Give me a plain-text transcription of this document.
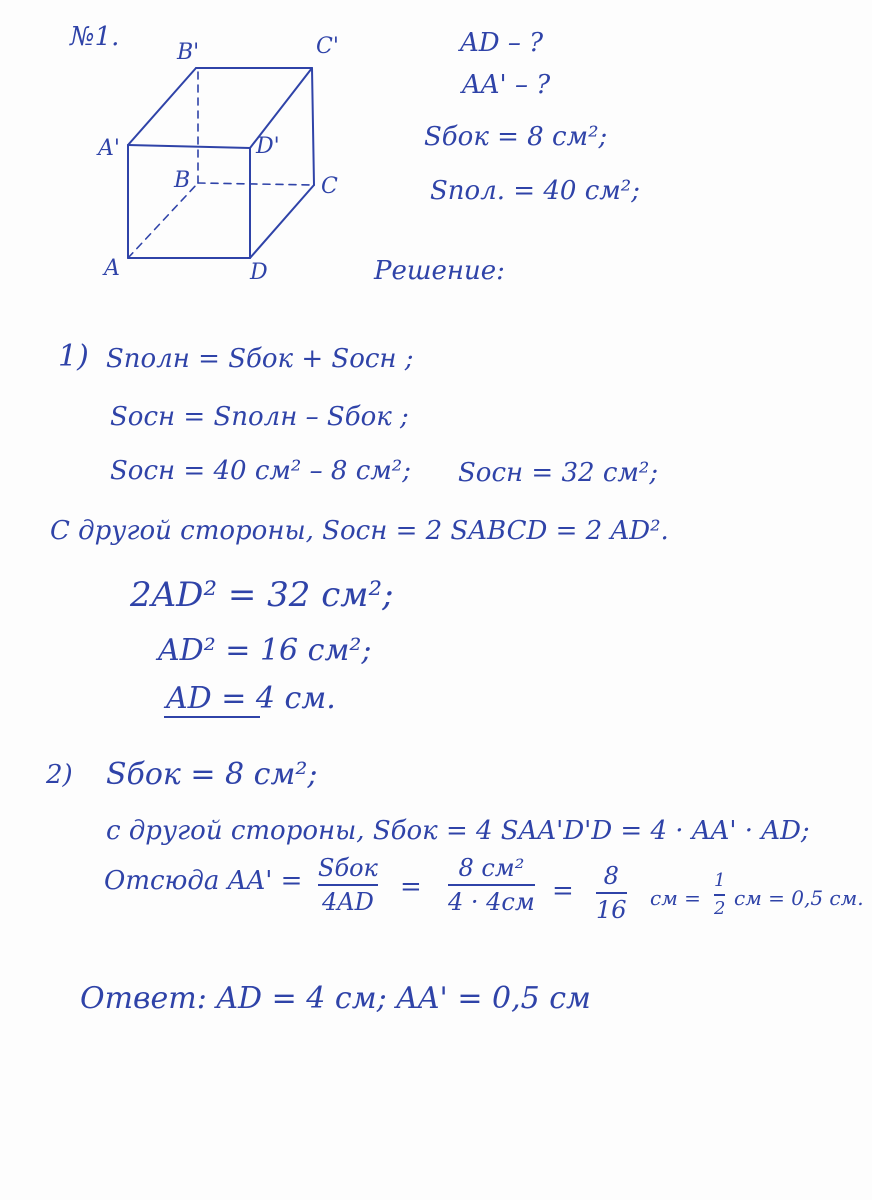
№1.
B'	C'
A'	D'
B	C
A	D
AD – ?
AA' – ?
Sбок = 8 см²;
Sпол. = 40 см²;
Решение:
1) Sполн = Sбок + Sосн ;
Sосн = Sполн – Sбок ;
Sосн = 40 см² – 8 см²; Sосн = 32 см²;
С другой стороны, Sосн = 2 SABCD = 2 AD².
2AD² = 32 см²;
AD² = 16 см²;
AD = 4 см.
2) Sбок = 8 см²;
с другой стороны, Sбок = 4 SAA'D'D = 4 · AA' · AD;
Отсюда AA' = Sбок
4AD =
8 см²
4 · 4см = 8
16 см =
1
2 см = 0,5 см.
Ответ: AD = 4 см; AA' = 0,5 см
